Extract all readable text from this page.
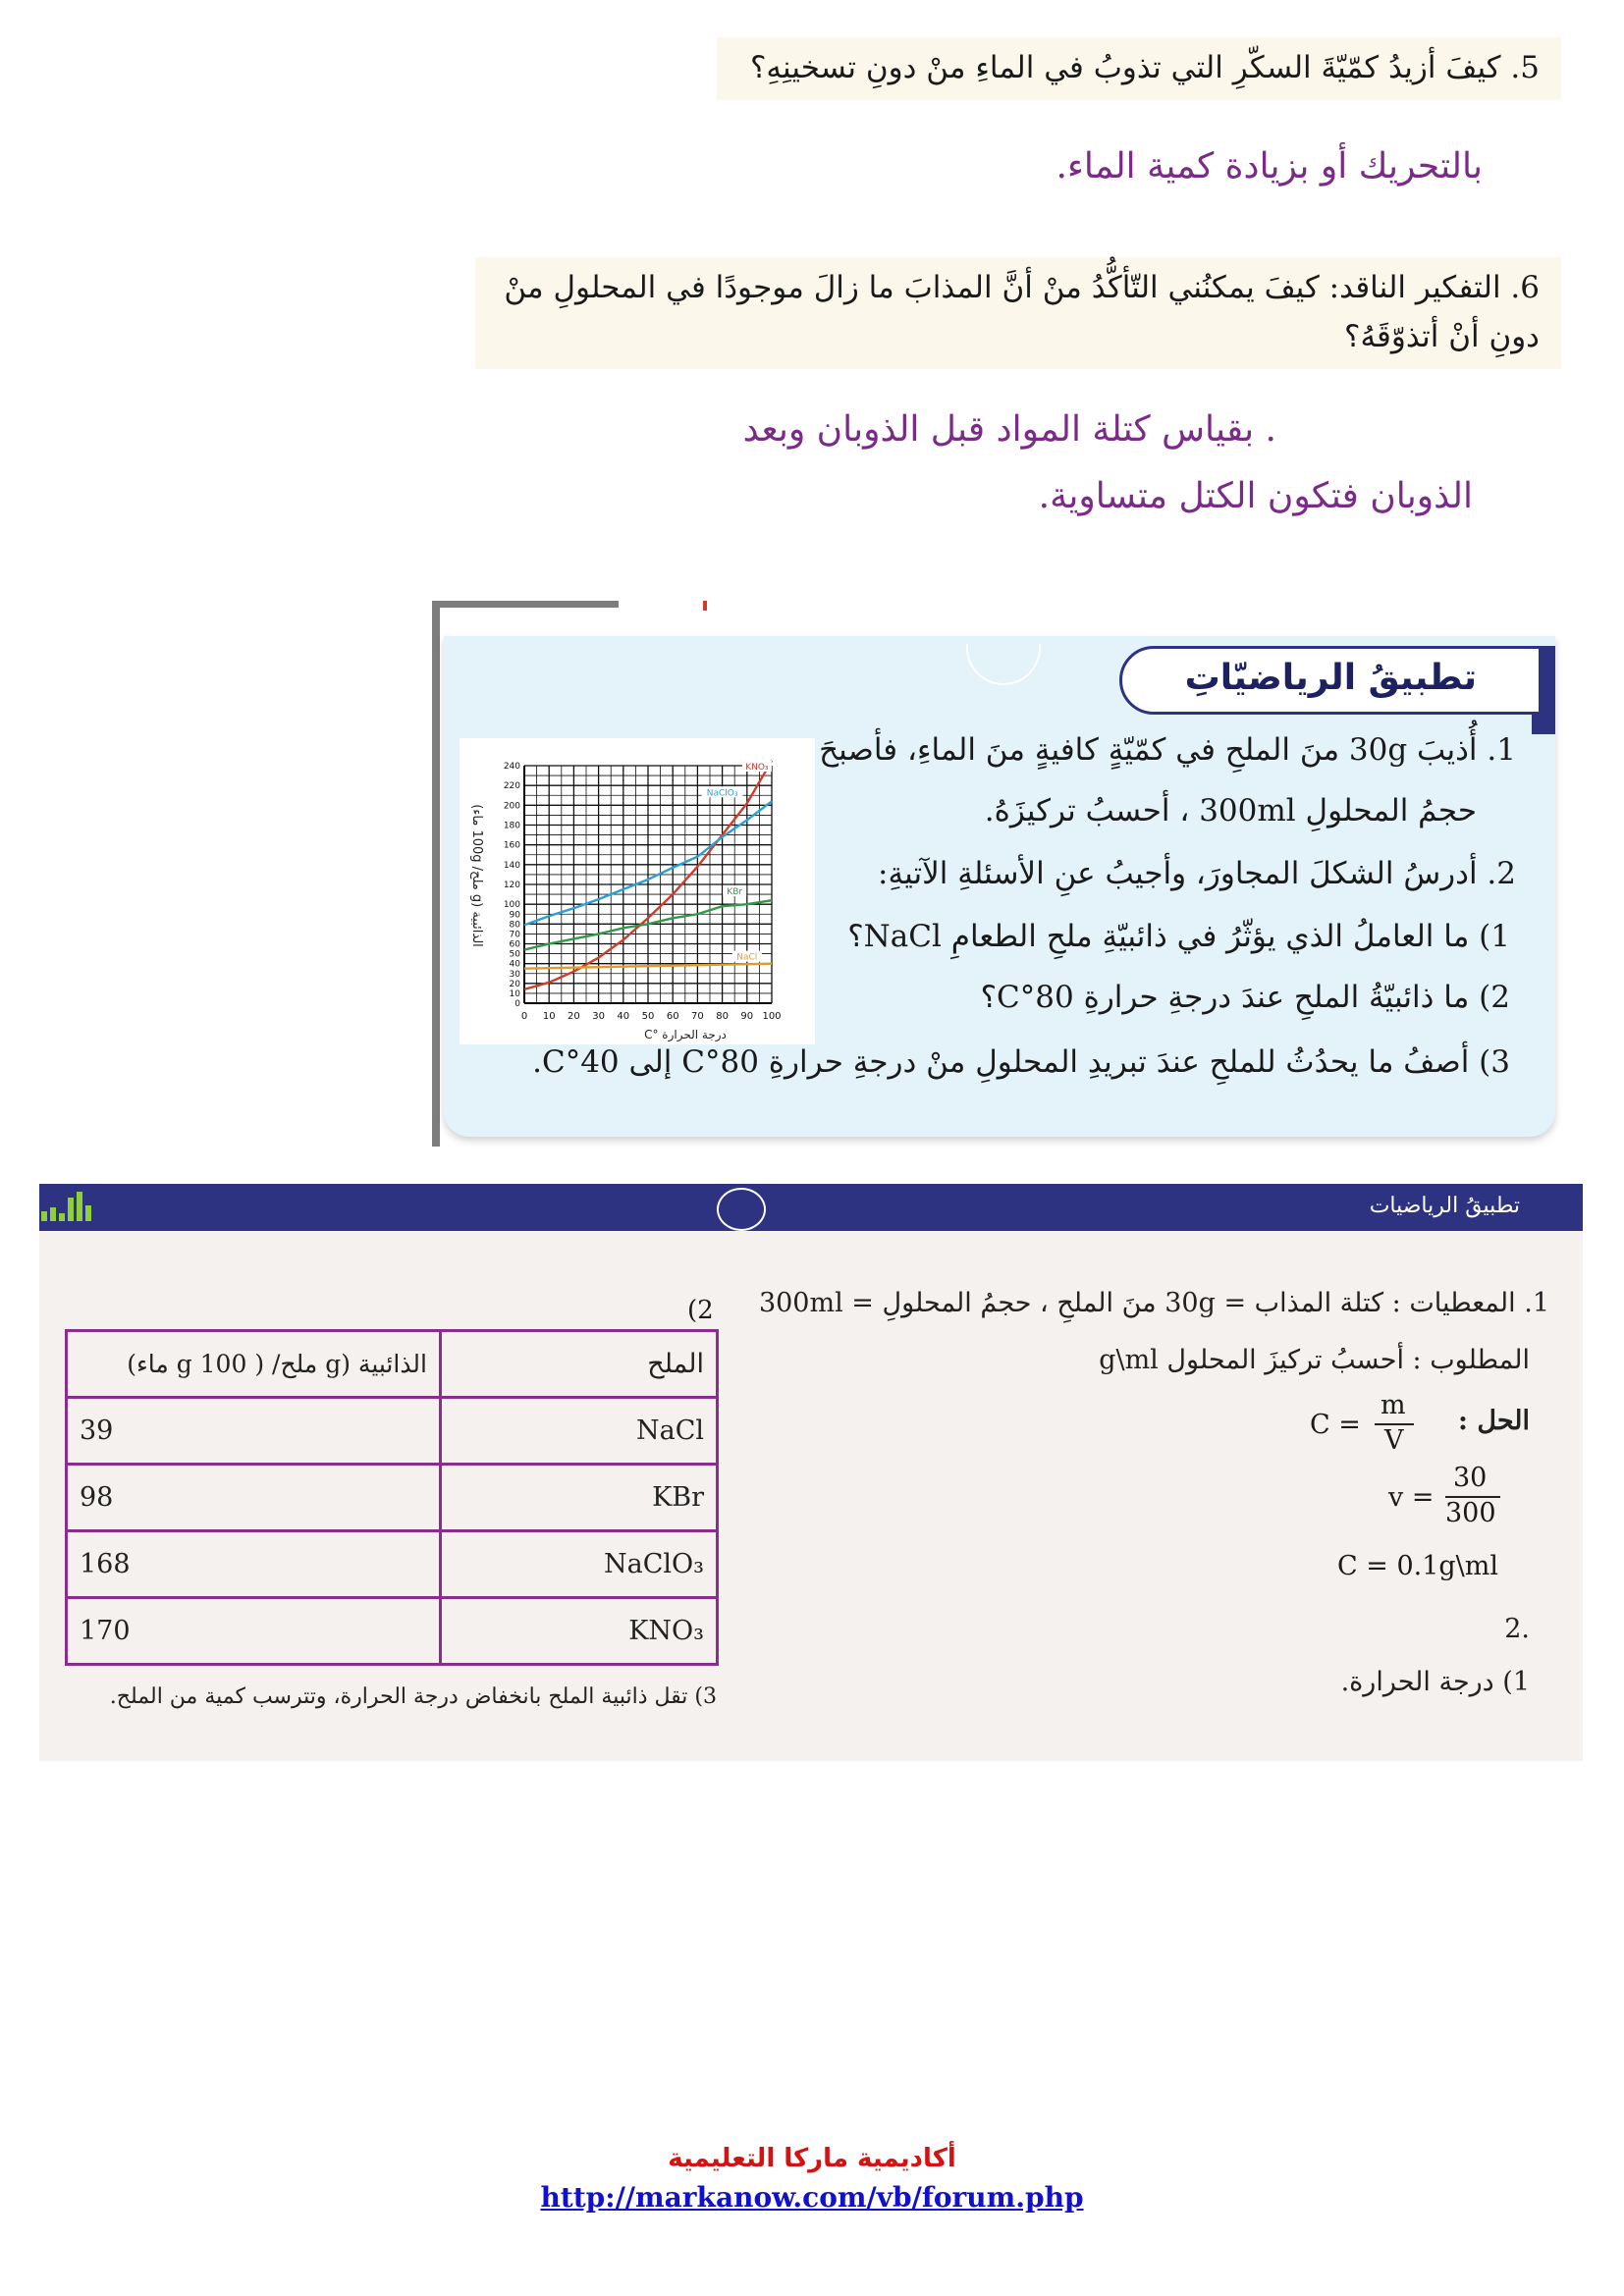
5. كيفَ أزيدُ كمّيّةَ السكّرِ التي تذوبُ في الماءِ منْ دونِ تسخينِهِ؟
بالتحريك أو بزيادة كمية الماء.
6. التفكير الناقد: كيفَ يمكنُني التّأكُّدُ منْ أنَّ المذابَ ما زالَ موجودًا في المحلولِ منْ
دونِ أنْ أتذوّقَهُ؟
. بقياس كتلة المواد قبل الذوبان وبعد
الذوبان فتكون الكتل متساوية.
تطبيقُ الرياضيّاتِ
1. أُذيبَ 30g منَ الملحِ في كمّيّةٍ كافيةٍ منَ الماءِ، فأصبحَ
حجمُ المحلولِ 300ml ، أحسبُ تركيزَهُ.
2. أدرسُ الشكلَ المجاورَ، وأجيبُ عنِ الأسئلةِ الآتيةِ:
1) ما العاملُ الذي يؤثّرُ في ذائبيّةِ ملحِ الطعامِ NaCl؟
2) ما ذائبيّةُ الملحِ عندَ درجةِ حرارةِ 80°C؟
3) أصفُ ما يحدُثُ للملحِ عندَ تبريدِ المحلولِ منْ درجةِ حرارةِ 80°C إلى 40°C.
0 10 20 30 40 50 60 70 80 90 100
0
10
20
30
40
50
60
70
80
90
100
120
140
160
180
200
220
240	KNO₃
NaClO₃
KBr
NaCl
درجة الحرارة °C
الذائبية (g ملح/ 100g ماء)
تطبيقُ الرياضيات
1. المعطيات : كتلة المذاب = 30g منَ الملحِ ، حجمُ المحلولِ = 300ml
المطلوب : أحسبُ تركيزَ المحلول g\ml
الحل :
C =
m
V
v =
30
300
C = 0.1g\ml
.2
1) درجة الحرارة.
(2
الملح	الذائبية (g ملح/ ( g 100 ماء)
NaCl	39
KBr	98
NaClO₃	168
KNO₃	170
3) تقل ذائبية الملح بانخفاض درجة الحرارة، وتترسب كمية من الملح.
أكاديمية ماركا التعليمية
http://markanow.com/vb/forum.php
